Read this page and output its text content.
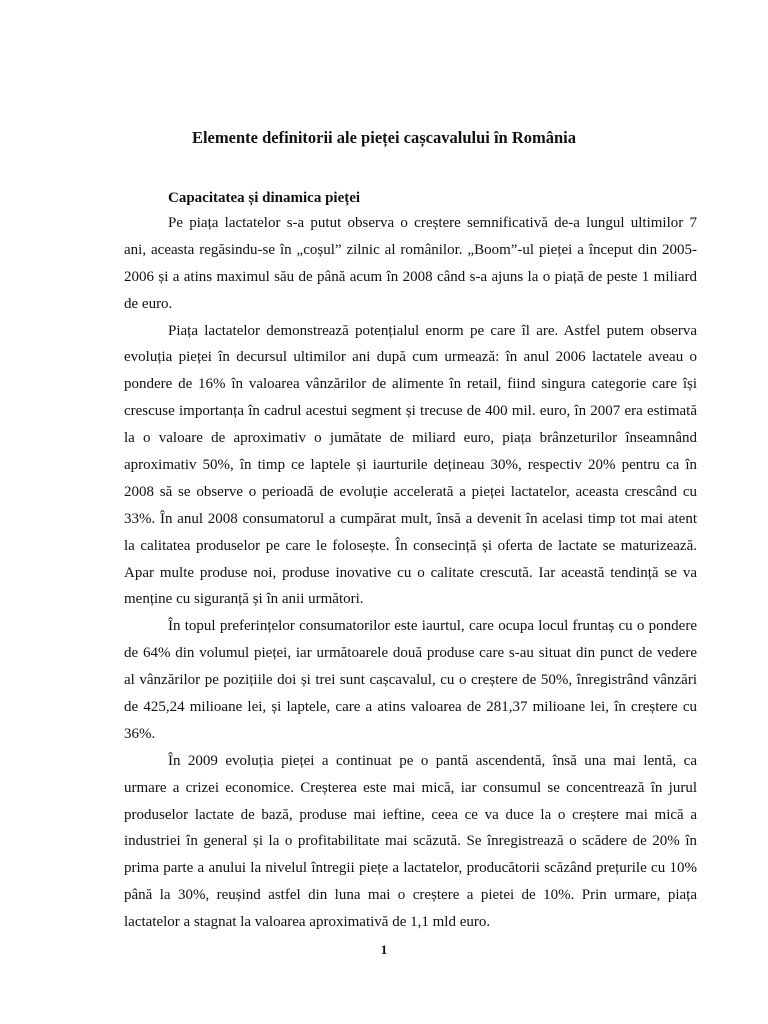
Elemente definitorii ale pieței cașcavalului în România
Capacitatea și dinamica pieței
Pe piața lactatelor s-a putut observa o creștere semnificativă de-a lungul ultimilor 7
ani, aceasta regăsindu-se în „coșul” zilnic al românilor. „Boom”-ul pieței a început din 2005-
2006 și a atins maximul său de până acum în 2008 când s-a ajuns la o piață de peste 1 miliard
de euro.
Piața lactatelor demonstrează potențialul enorm pe care îl are. Astfel putem observa
evoluția pieței în decursul ultimilor ani după cum urmează: în anul 2006 lactatele aveau o
pondere de 16% în valoarea vânzărilor de alimente în retail, fiind singura categorie care își
crescuse importanța în cadrul acestui segment și trecuse de 400 mil. euro, în 2007 era estimată
la o valoare de aproximativ o jumătate de miliard euro, piața brânzeturilor înseamnând
aproximativ 50%, în timp ce laptele și iaurturile dețineau 30%, respectiv 20% pentru ca în
2008 să se observe o perioadă de evoluție accelerată a pieței lactatelor, aceasta crescând cu
33%. În anul 2008 consumatorul a cumpărat mult, însă a devenit în acelasi timp tot mai atent
la calitatea produselor pe care le folosește. În consecință și oferta de lactate se maturizează.
Apar multe produse noi, produse inovative cu o calitate crescută. Iar această tendință se va
menține cu siguranță și în anii următori.
În topul preferințelor consumatorilor este iaurtul, care ocupa locul fruntaș cu o pondere
de 64% din volumul pieței, iar următoarele două produse care s-au situat din punct de vedere
al vânzărilor pe pozițiile doi și trei sunt cașcavalul, cu o creștere de 50%, înregistrând vânzări
de 425,24 milioane lei, și laptele, care a atins valoarea de 281,37 milioane lei, în creștere cu
36%.
În 2009 evoluția pieței a continuat pe o pantă ascendentă, însă una mai lentă, ca
urmare a crizei economice. Creșterea este mai mică, iar consumul se concentrează în jurul
produselor lactate de bază, produse mai ieftine, ceea ce va duce la o creștere mai mică a
industriei în general și la o profitabilitate mai scăzută. Se înregistrează o scădere de 20% în
prima parte a anului la nivelul întregii piețe a lactatelor, producătorii scăzând prețurile cu 10%
până la 30%, reușind astfel din luna mai o creștere a pietei de 10%. Prin urmare, piața
lactatelor a stagnat la valoarea aproximativă de 1,1 mld euro.
1
